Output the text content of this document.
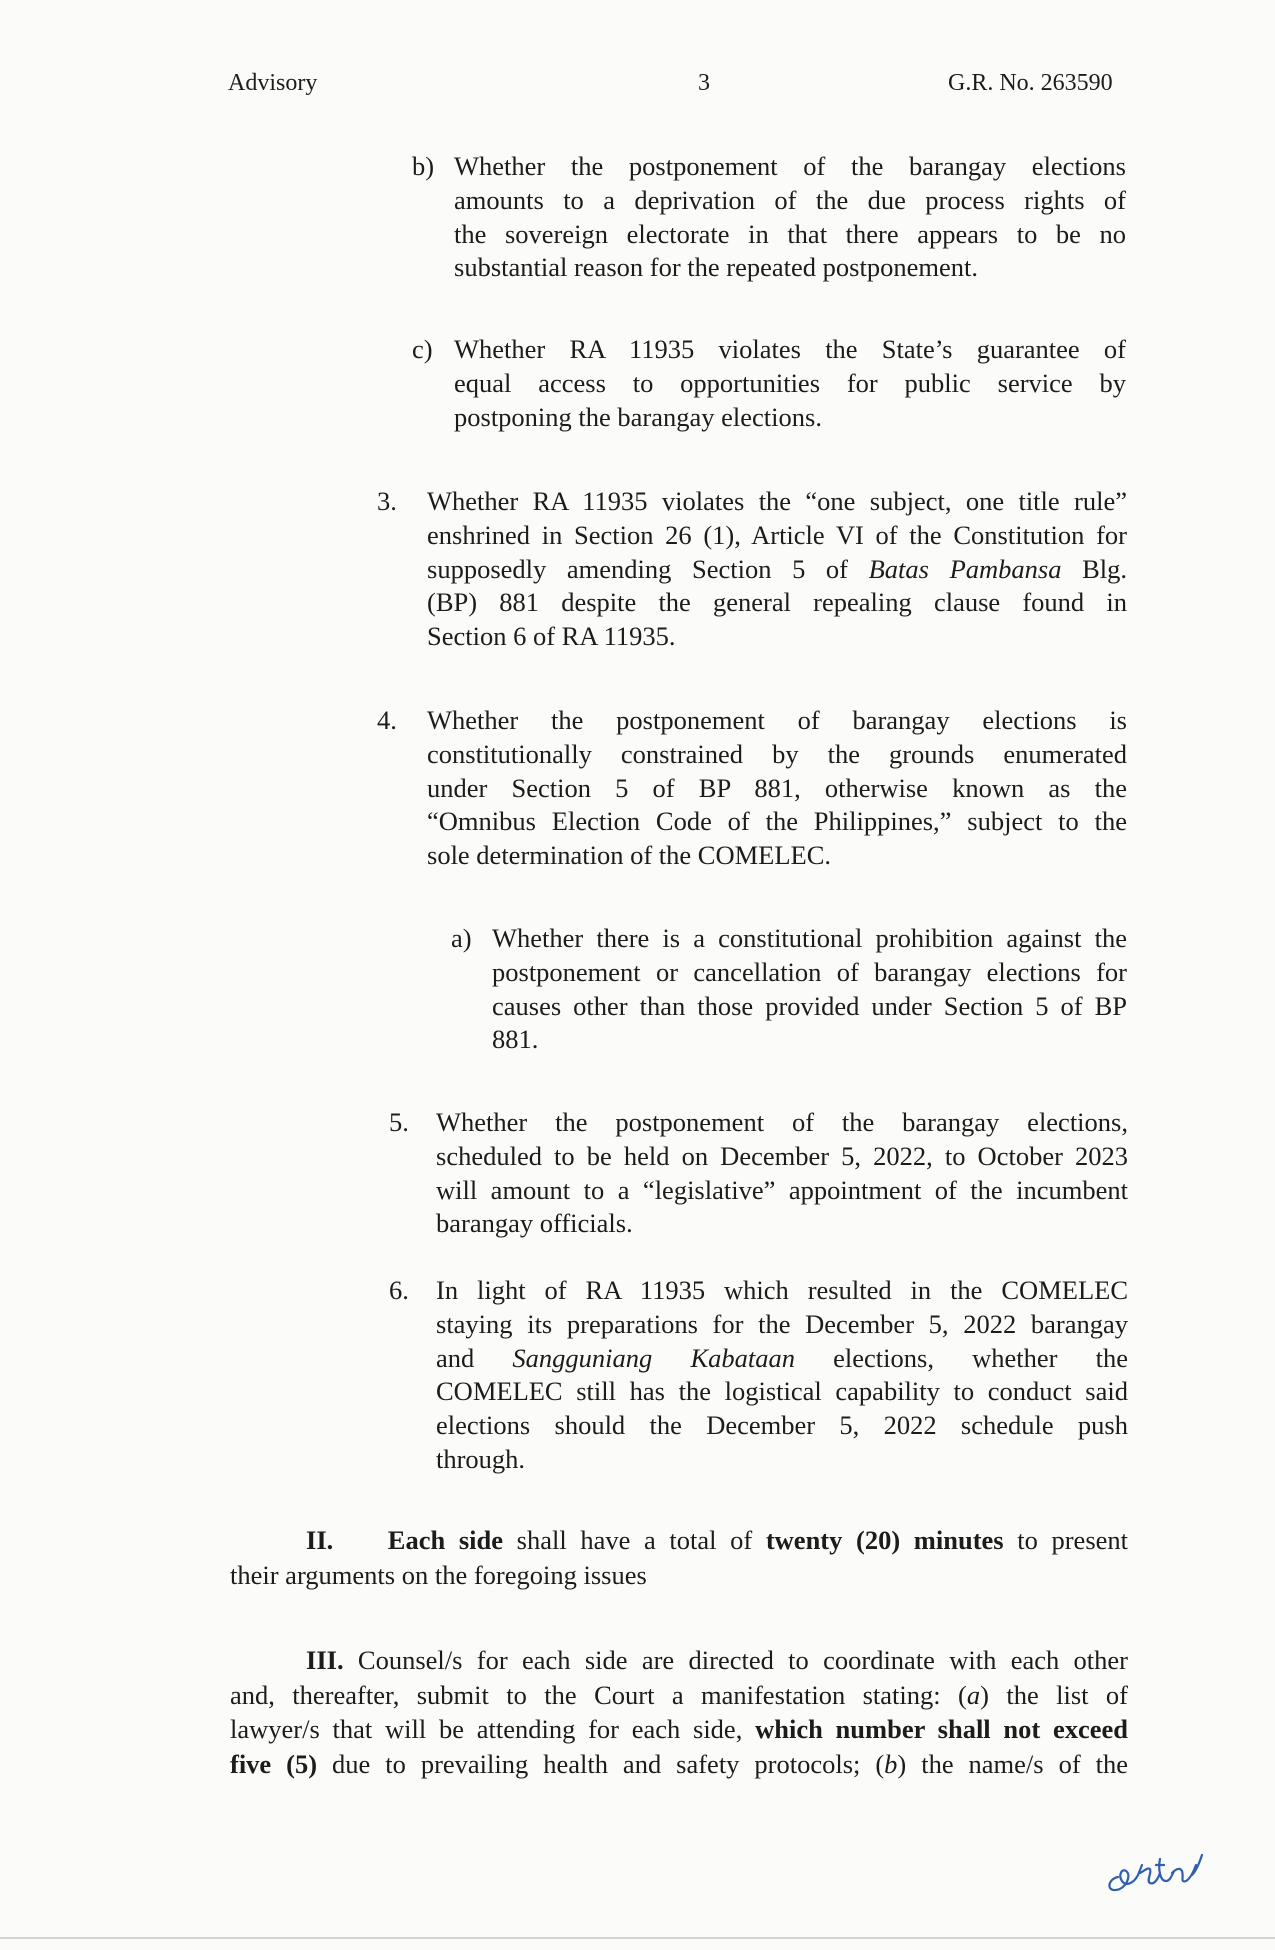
Advisory	3	G.R. No. 263590
b) Whether the postponement of the barangay elections
amounts to a deprivation of the due process rights of
the sovereign electorate in that there appears to be no
substantial reason for the repeated postponement.
c) Whether RA 11935 violates the State’s guarantee of
equal access to opportunities for public service by
postponing the barangay elections.
3. Whether RA 11935 violates the “one subject, one title rule”
enshrined in Section 26 (1), Article VI of the Constitution for
supposedly amending Section 5 of Batas Pambansa Blg.
(BP) 881 despite the general repealing clause found in
Section 6 of RA 11935.
4. Whether the postponement of barangay elections is
constitutionally constrained by the grounds enumerated
under Section 5 of BP 881, otherwise known as the
“Omnibus Election Code of the Philippines,” subject to the
sole determination of the COMELEC.
a) Whether there is a constitutional prohibition against the
postponement or cancellation of barangay elections for
causes other than those provided under Section 5 of BP
881.
5. Whether the postponement of the barangay elections,
scheduled to be held on December 5, 2022, to October 2023
will amount to a “legislative” appointment of the incumbent
barangay officials.
6. In light of RA 11935 which resulted in the COMELEC
staying its preparations for the December 5, 2022 barangay
and Sangguniang Kabataan elections, whether the
COMELEC still has the logistical capability to conduct said
elections should the December 5, 2022 schedule push
through.
II. Each side shall have a total of twenty (20) minutes to present
their arguments on the foregoing issues
III. Counsel/s for each side are directed to coordinate with each other
and, thereafter, submit to the Court a manifestation stating: (a) the list of
lawyer/s that will be attending for each side, which number shall not exceed
five (5) due to prevailing health and safety protocols; (b) the name/s of the
